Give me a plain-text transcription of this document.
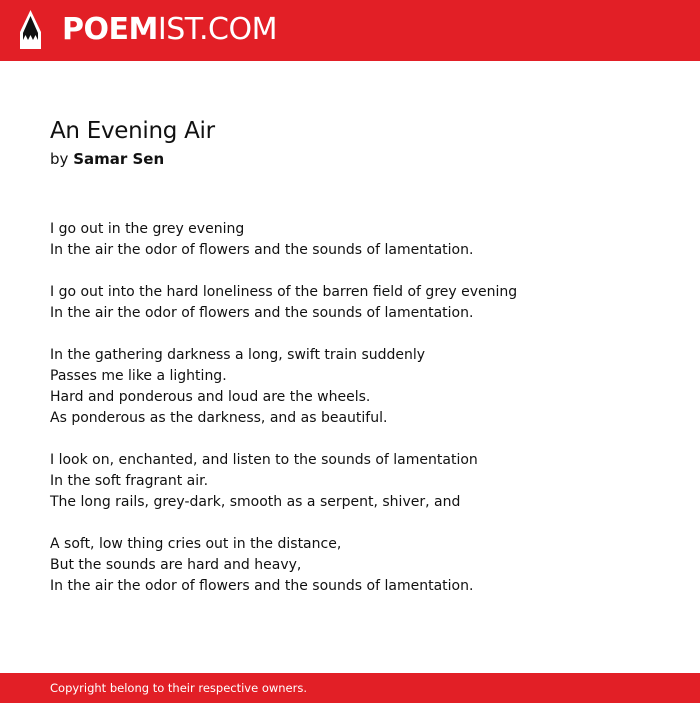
POEMIST.COM
An Evening Air
by Samar Sen
I go out in the grey evening
In the air the odor of flowers and the sounds of lamentation.
I go out into the hard loneliness of the barren field of grey evening
In the air the odor of flowers and the sounds of lamentation.
In the gathering darkness a long, swift train suddenly
Passes me like a lighting.
Hard and ponderous and loud are the wheels.
As ponderous as the darkness, and as beautiful.
I look on, enchanted, and listen to the sounds of lamentation
In the soft fragrant air.
The long rails, grey-dark, smooth as a serpent, shiver, and
A soft, low thing cries out in the distance,
But the sounds are hard and heavy,
In the air the odor of flowers and the sounds of lamentation.
Copyright belong to their respective owners.
